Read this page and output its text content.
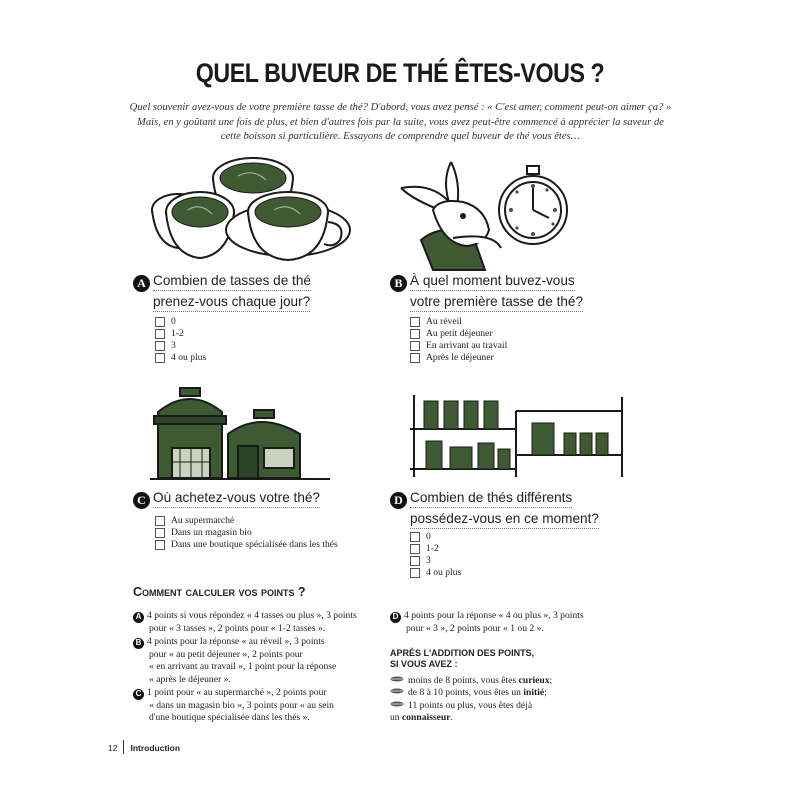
QUEL BUVEUR DE THÉ ÊTES-VOUS ?
Quel souvenir avez-vous de votre première tasse de thé? D'abord, vous avez pensé : « C'est amer, comment peut-on aimer ça? » Mais, en y goûtant une fois de plus, et bien d'autres fois par la suite, vous avez peut-être commencé à apprécier la saveur de cette boisson si particulière. Essayons de comprendre quel buveur de thé vous êtes…
A Combien de tasses de thé
prenez-vous chaque jour?
0
1-2
3
4 ou plus
B À quel moment buvez-vous
votre première tasse de thé?
Au réveil
Au petit déjeuner
En arrivant au travail
Après le déjeuner
C Où achetez-vous votre thé?
Au supermarché
Dans un magasin bio
Dans une boutique spécialisée dans les thés
D Combien de thés différents
possédez-vous en ce moment?
0
1-2
3
4 ou plus
Comment calculer vos points ?
A 4 points si vous répondez « 4 tasses ou plus », 3 points
pour « 3 tasses », 2 points pour « 1-2 tasses ».
B 4 points pour la réponse « au réveil », 3 points
pour « au petit déjeuner », 2 points pour
« en arrivant au travail », 1 point pour la réponse
« après le déjeuner ».
C 1 point pour « au supermarché », 2 points pour
« dans un magasin bio », 3 points pour « au sein
d'une boutique spécialisée dans les thés ».
D 4 points pour la réponse « 4 ou plus », 3 points
pour « 3 », 2 points pour « 1 ou 2 ».
APRÈS L'ADDITION DES POINTS,
SI VOUS AVEZ :
moins de 8 points, vous êtes curieux;
de 8 à 10 points, vous êtes un initié;
11 points ou plus, vous êtes déjà
un connaisseur.
12 Introduction
